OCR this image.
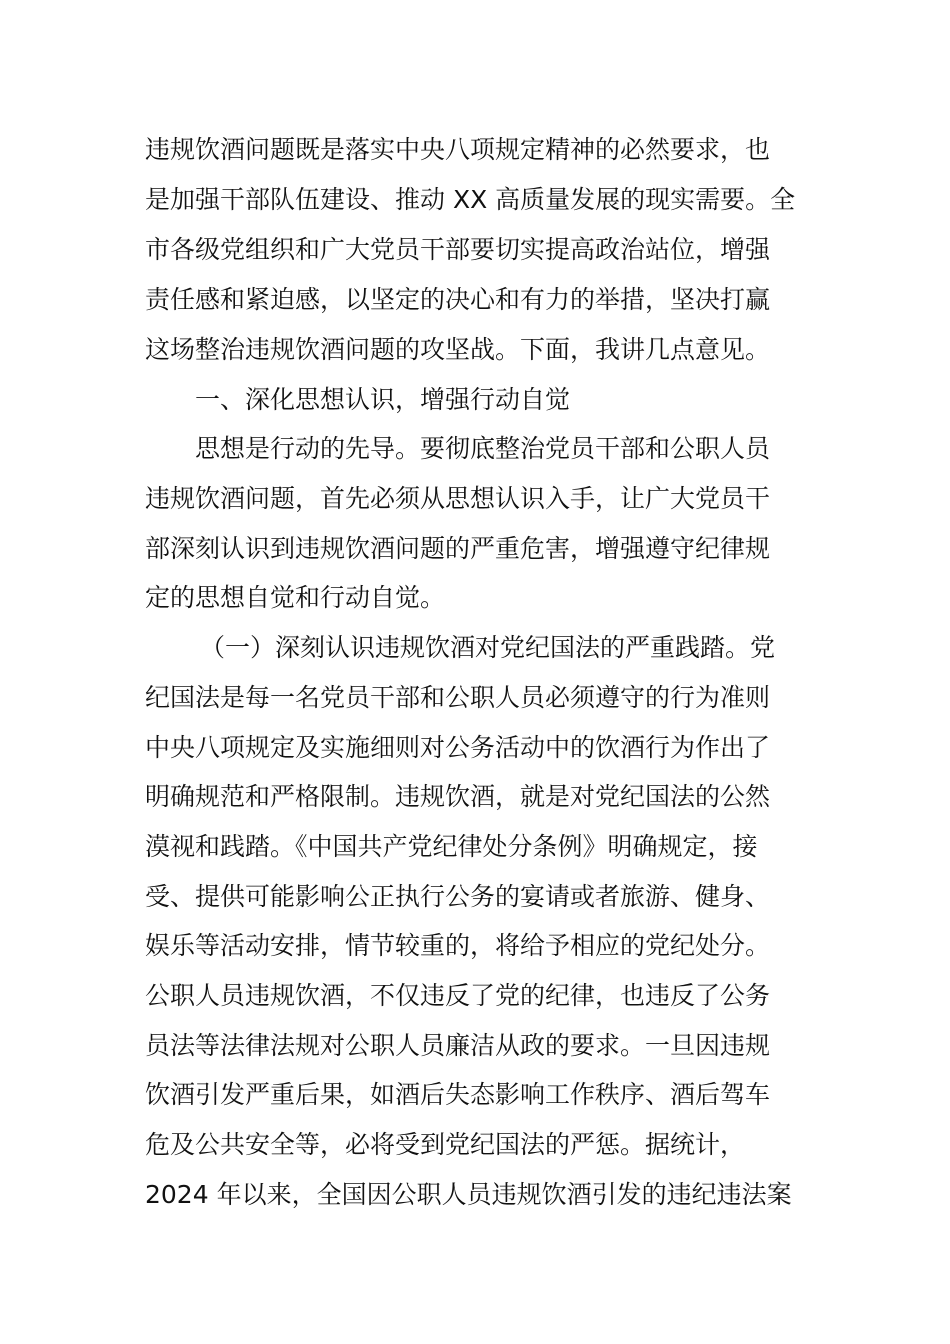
违规饮酒问题既是落实中央八项规定精神的必然要求，也
是加强干部队伍建设、推动 XX 高质量发展的现实需要。全
市各级党组织和广大党员干部要切实提高政治站位，增强
责任感和紧迫感，以坚定的决心和有力的举措，坚决打赢
这场整治违规饮酒问题的攻坚战。下面，我讲几点意见。
一、深化思想认识，增强行动自觉
思想是行动的先导。要彻底整治党员干部和公职人员
违规饮酒问题，首先必须从思想认识入手，让广大党员干
部深刻认识到违规饮酒问题的严重危害，增强遵守纪律规
定的思想自觉和行动自觉。
（一）深刻认识违规饮酒对党纪国法的严重践踏。党
纪国法是每一名党员干部和公职人员必须遵守的行为准则
中央八项规定及实施细则对公务活动中的饮酒行为作出了
明确规范和严格限制。违规饮酒，就是对党纪国法的公然
漠视和践踏。《中国共产党纪律处分条例》明确规定，接
受、提供可能影响公正执行公务的宴请或者旅游、健身、
娱乐等活动安排，情节较重的，将给予相应的党纪处分。
公职人员违规饮酒，不仅违反了党的纪律，也违反了公务
员法等法律法规对公职人员廉洁从政的要求。一旦因违规
饮酒引发严重后果，如酒后失态影响工作秩序、酒后驾车
危及公共安全等，必将受到党纪国法的严惩。据统计，
2024 年以来，全国因公职人员违规饮酒引发的违纪违法案
